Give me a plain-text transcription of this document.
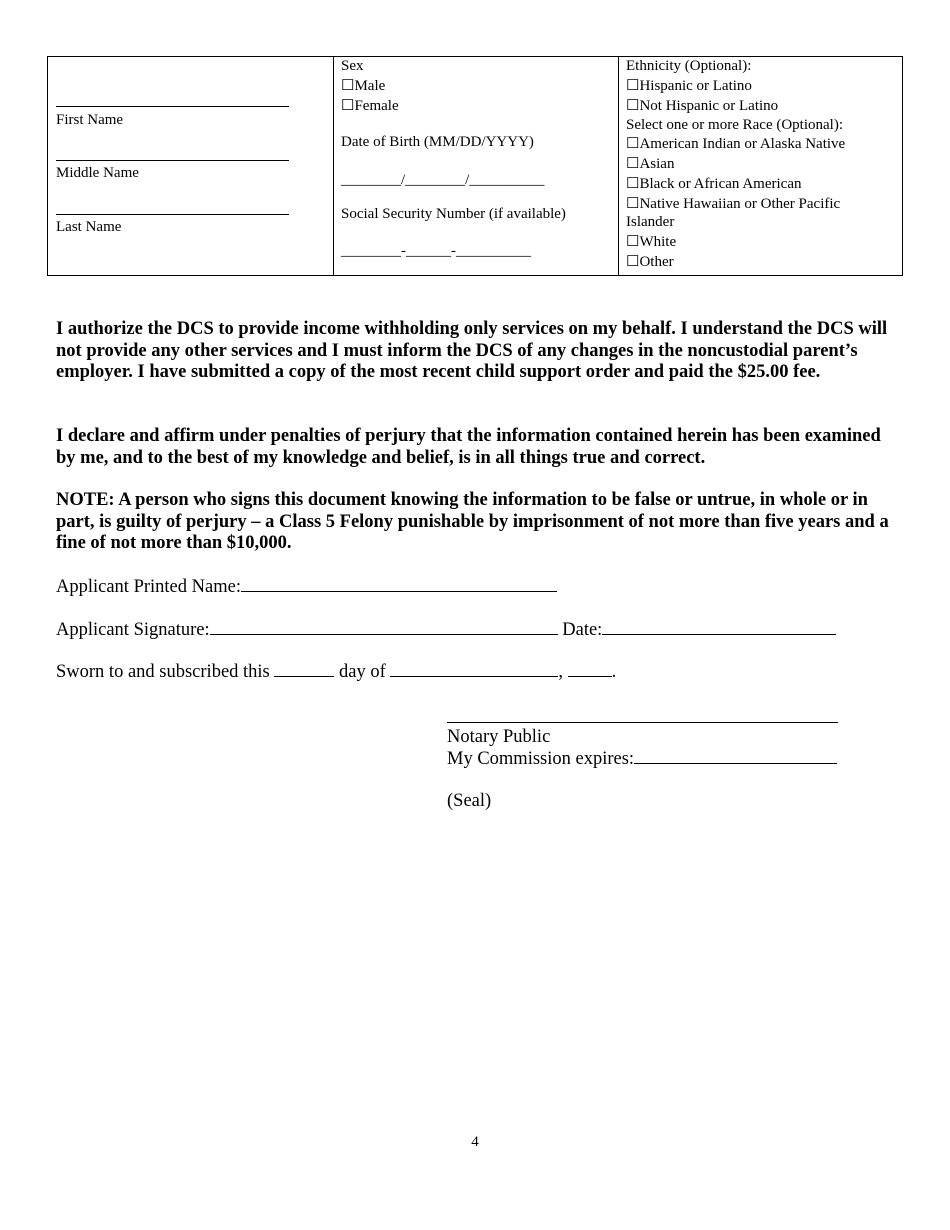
First Name
Middle Name
Last Name
Sex
☐Male
☐Female
Date of Birth (MM/DD/YYYY)
________/________/__________
Social Security Number (if available)
________-______-__________
Ethnicity (Optional):
☐Hispanic or Latino
☐Not Hispanic or Latino
Select one or more Race (Optional):
☐American Indian or Alaska Native
☐Asian
☐Black or African American
☐Native Hawaiian or Other Pacific
Islander
☐White
☐Other
I authorize the DCS to provide income withholding only services on my behalf. I understand the DCS will not provide any other services and I must inform the DCS of any changes in the noncustodial parent’s employer. I have submitted a copy of the most recent child support order and paid the $25.00 fee.
I declare and affirm under penalties of perjury that the information contained herein has been examined by me, and to the best of my knowledge and belief, is in all things true and correct.
NOTE: A person who signs this document knowing the information to be false or untrue, in whole or in part, is guilty of perjury – a Class 5 Felony punishable by imprisonment of not more than five years and a fine of not more than $10,000.
Applicant Printed Name:
Applicant Signature:	Date:
Sworn to and subscribed this	day of	,	.
Notary Public
My Commission expires:
(Seal)
4
